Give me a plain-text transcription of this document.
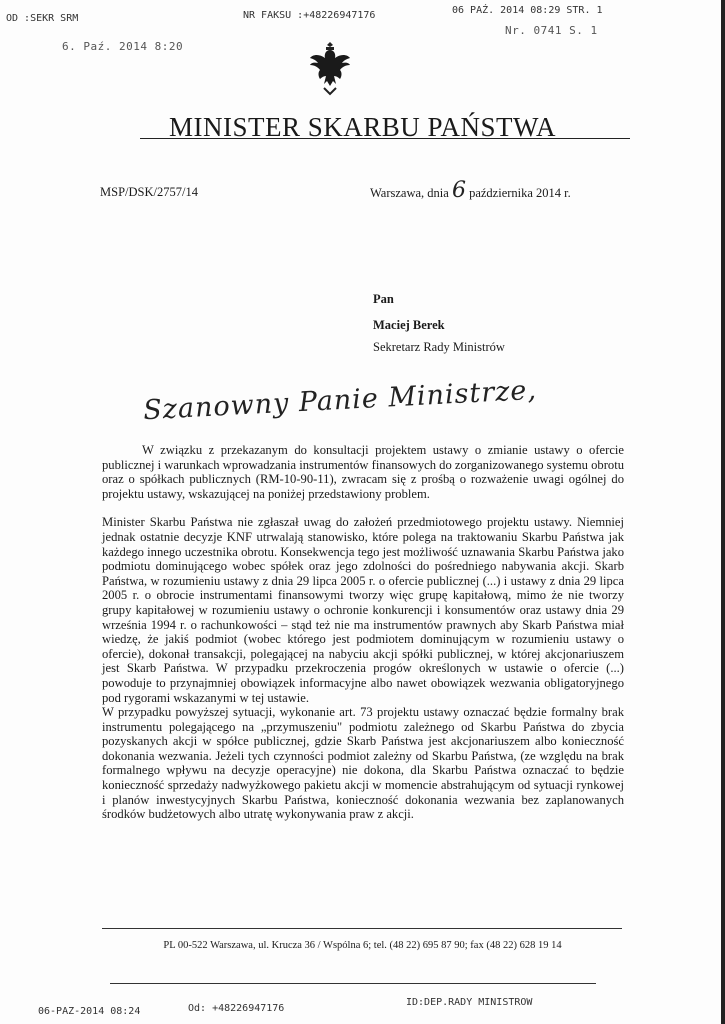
OD :SEKR SRM	NR FAKSU :+48226947176	06 PAŹ. 2014 08:29 STR. 1
6. Paź. 2014 8:20
Nr. 0741 S. 1
MINISTER SKARBU PAŃSTWA
MSP/DSK/2757/14	Warszawa, dnia 6 października 2014 r.
Pan
Maciej Berek
Sekretarz Rady Ministrów
Szanowny Panie Ministrze,

W związku z przekazanym do konsultacji projektem ustawy o zmianie ustawy o ofercie publicznej i warunkach wprowadzania instrumentów finansowych do zorganizowanego systemu obrotu oraz o spółkach publicznych (RM-10-90-11), zwracam się z prośbą o rozważenie uwagi ogólnej do projektu ustawy, wskazującej na poniżej przedstawiony problem.

Minister Skarbu Państwa nie zgłaszał uwag do założeń przedmiotowego projektu ustawy. Niemniej jednak ostatnie decyzje KNF utrwalają stanowisko, które polega na traktowaniu Skarbu Państwa jak każdego innego uczestnika obrotu. Konsekwencja tego jest możliwość uznawania Skarbu Państwa jako podmiotu dominującego wobec spółek oraz jego zdolności do pośredniego nabywania akcji. Skarb Państwa, w rozumieniu ustawy z dnia 29 lipca 2005 r. o ofercie publicznej (...) i ustawy z dnia 29 lipca 2005 r. o obrocie instrumentami finansowymi tworzy więc grupę kapitałową, mimo że nie tworzy grupy kapitałowej w rozumieniu ustawy o ochronie konkurencji i konsumentów oraz ustawy dnia 29 września 1994 r. o rachunkowości – stąd też nie ma instrumentów prawnych aby Skarb Państwa miał wiedzę, że jakiś podmiot (wobec którego jest podmiotem dominującym w rozumieniu ustawy o ofercie), dokonał transakcji, polegającej na nabyciu akcji spółki publicznej, w której akcjonariuszem jest Skarb Państwa. W przypadku przekroczenia progów określonych w ustawie o ofercie (...) powoduje to przynajmniej obowiązek informacyjne albo nawet obowiązek wezwania obligatoryjnego pod rygorami wskazanymi w tej ustawie.

W przypadku powyższej sytuacji, wykonanie art. 73 projektu ustawy oznaczać będzie formalny brak instrumentu polegającego na „przymuszeniu" podmiotu zależnego od Skarbu Państwa do zbycia pozyskanych akcji w spółce publicznej, gdzie Skarb Państwa jest akcjonariuszem albo konieczność dokonania wezwania. Jeżeli tych czynności podmiot zależny od Skarbu Państwa, (ze względu na brak formalnego wpływu na decyzje operacyjne) nie dokona, dla Skarbu Państwa oznaczać to będzie konieczność sprzedaży nadwyżkowego pakietu akcji w momencie abstrahującym od sytuacji rynkowej i planów inwestycyjnych Skarbu Państwa, konieczność dokonania wezwania bez zaplanowanych środków budżetowych albo utratę wykonywania praw z akcji.

PL 00-522 Warszawa, ul. Krucza 36 / Wspólna 6; tel. (48 22) 695 87 90; fax (48 22) 628 19 14
06-PAZ-2014 08:24	Od: +48226947176
ID:DEP.RADY MINISTROW
